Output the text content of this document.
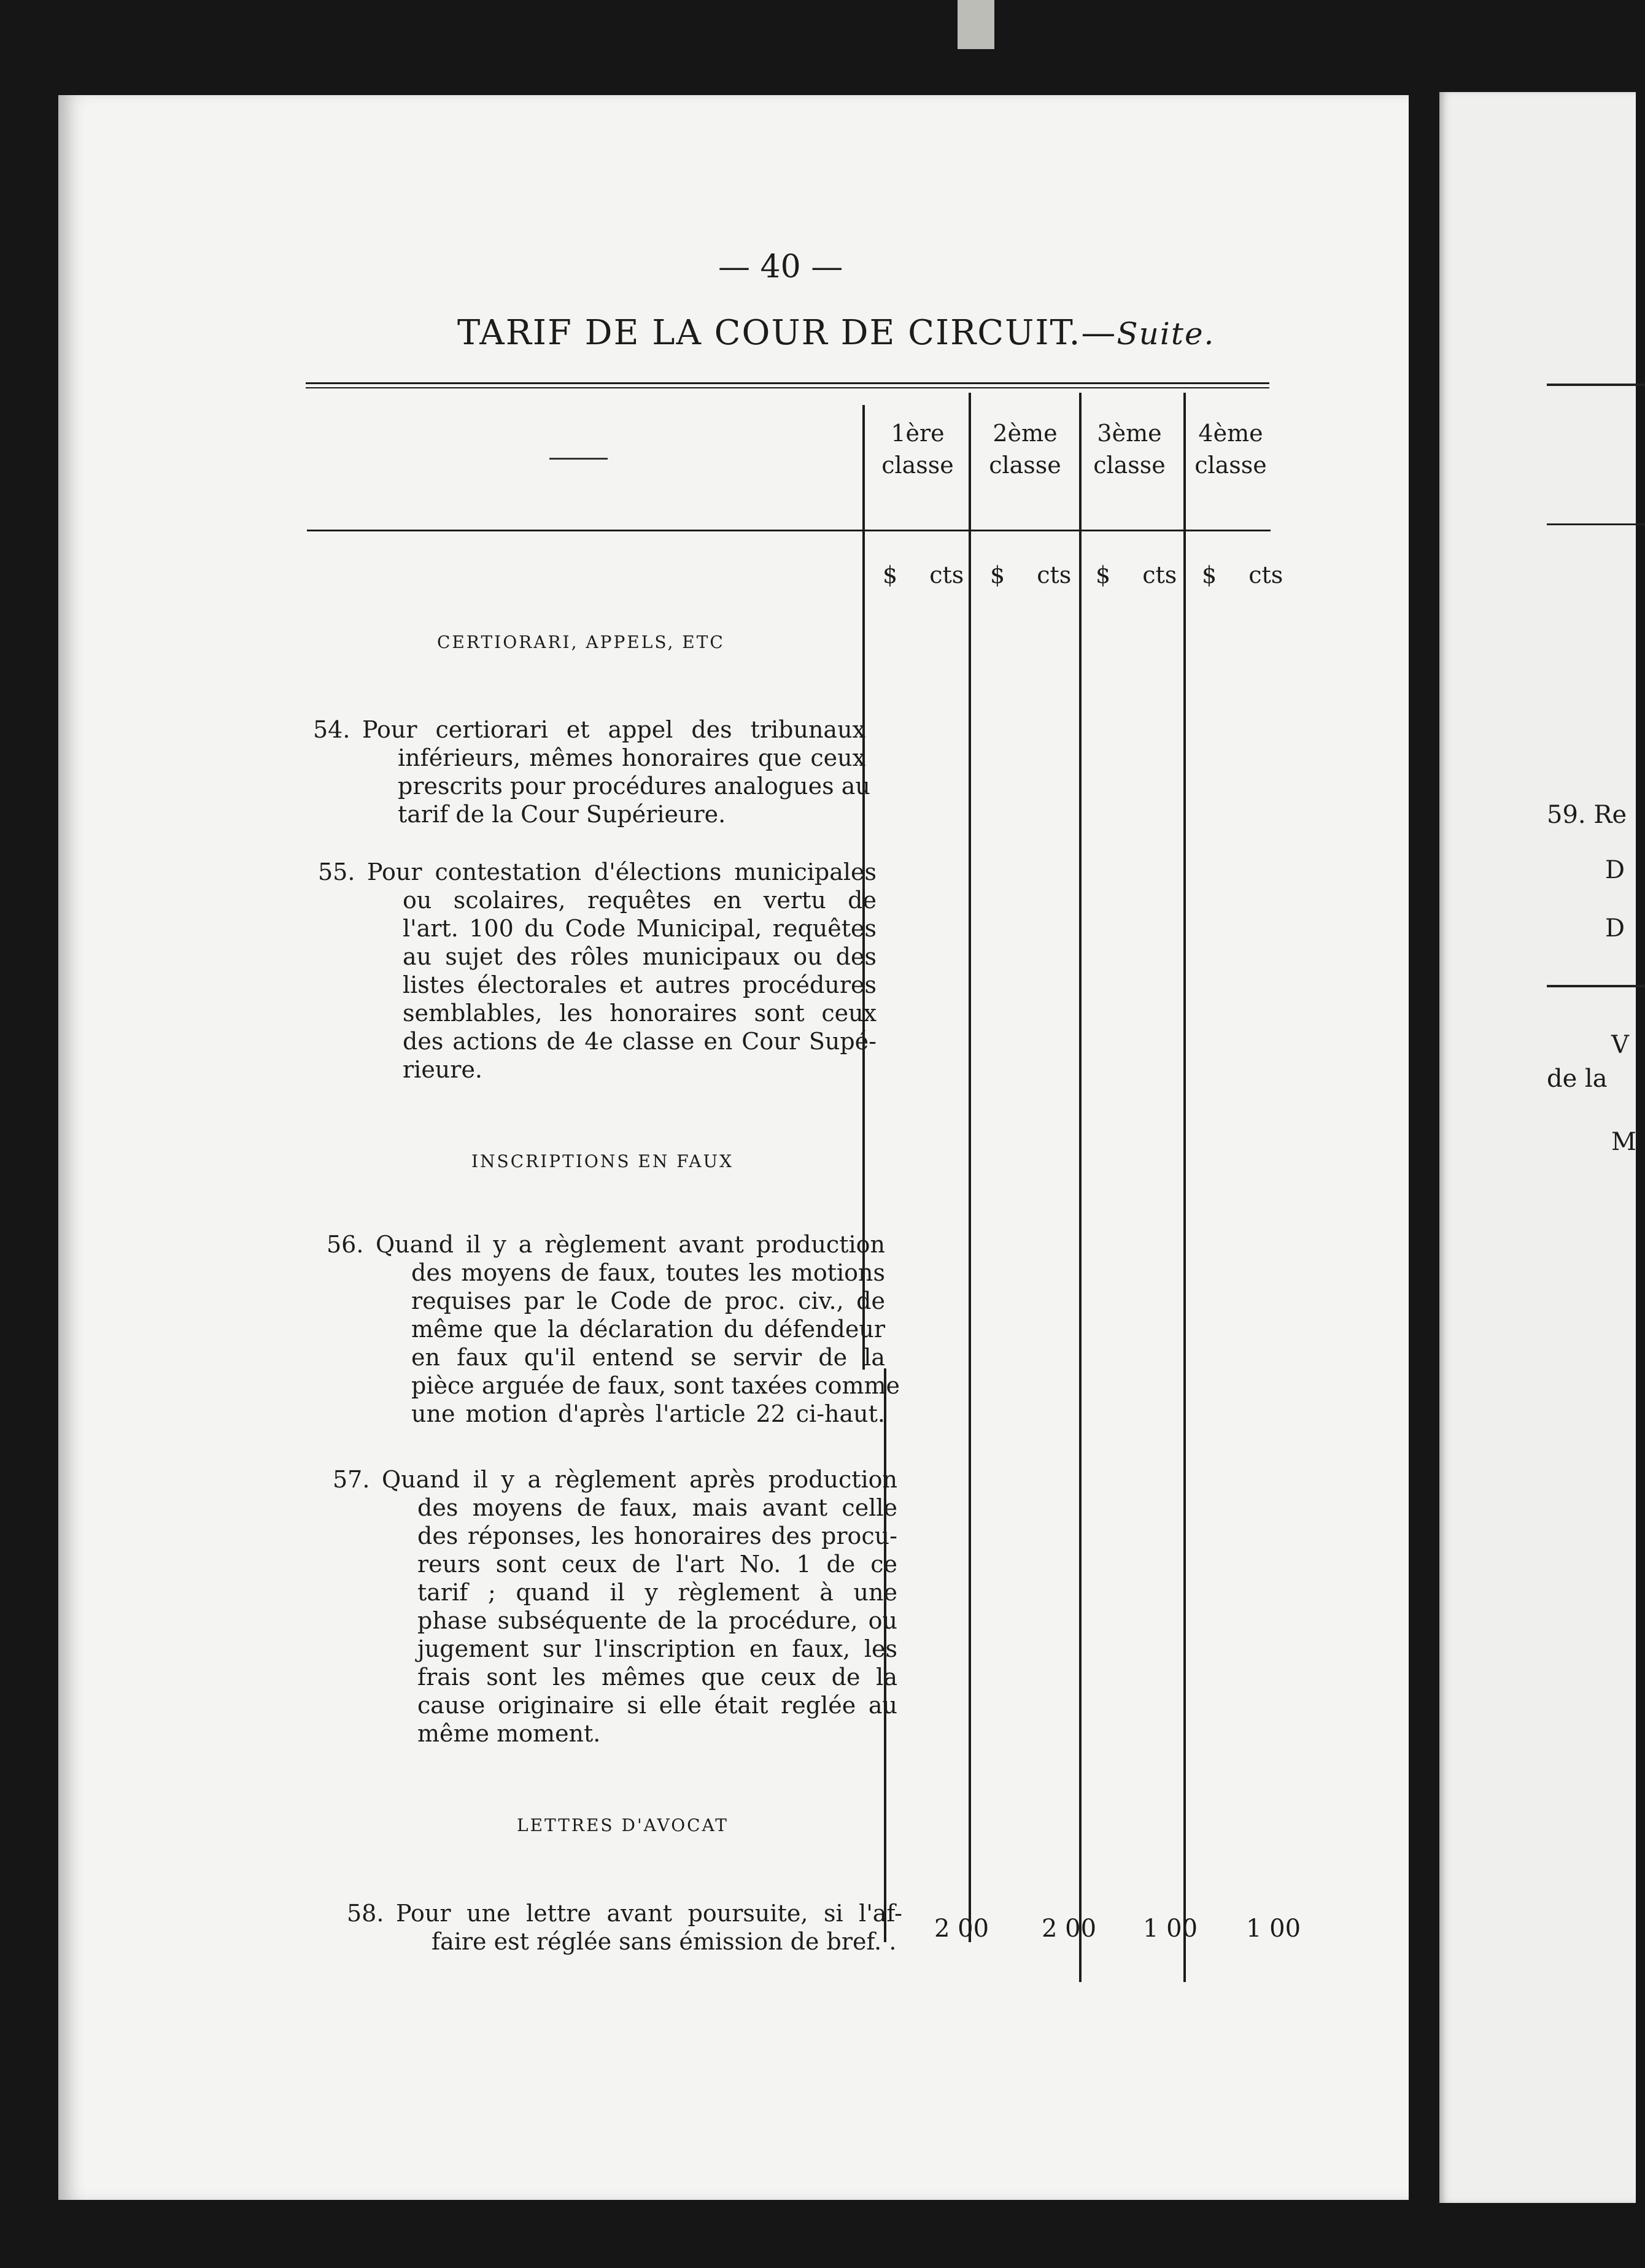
59. Re
D
D
V
de la
M
— 40 —
TARIF DE LA COUR DE CIRCUIT.—Suite.
1ère
classe
2ème
classe
3ème
classe
4ème
classe
$ cts $ cts $ cts $ cts
CERTIORARI, APPELS, ETC
INSCRIPTIONS EN FAUX
LETTRES D'AVOCAT
54. Pour certiorari et appel des tribunaux
inférieurs, mêmes honoraires que ceux
prescrits pour procédures analogues au
tarif de la Cour Supérieure.
55. Pour contestation d'élections municipales
ou scolaires, requêtes en vertu de
l'art. 100 du Code Municipal, requêtes
au sujet des rôles municipaux ou des
listes électorales et autres procédures
semblables, les honoraires sont ceux
des actions de 4e classe en Cour Supé-
rieure.
56. Quand il y a règlement avant production
des moyens de faux, toutes les motions
requises par le Code de proc. civ., de
même que la déclaration du défendeur
en faux qu'il entend se servir de la
pièce arguée de faux, sont taxées comme
une motion d'après l'article 22 ci-haut.
57. Quand il y a règlement après production
des moyens de faux, mais avant celle
des réponses, les honoraires des procu-
reurs sont ceux de l'art No. 1 de ce
tarif ; quand il y règlement à une
phase subséquente de la procédure, ou
jugement sur l'inscription en faux, les
frais sont les mêmes que ceux de la
cause originaire si elle était reglée au
même moment.
58. Pour une lettre avant poursuite, si l'af-
faire est réglée sans émission de bref. . 2 00 2 00 1 00 1 00
